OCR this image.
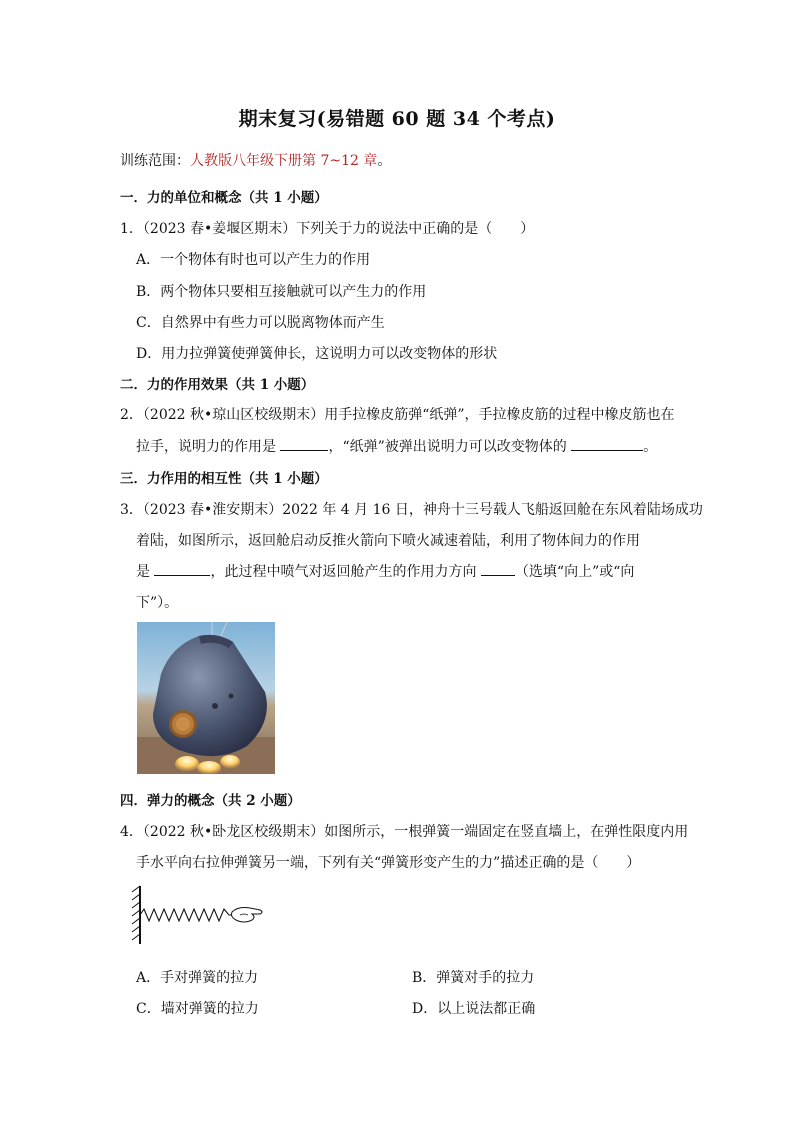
期末复习(易错题 60 题 34 个考点)
训练范围：人教版八年级下册第 7~12 章。
一．力的单位和概念（共 1 小题）
1．（2023 春•姜堰区期末）下列关于力的说法中正确的是（　　）
A．一个物体有时也可以产生力的作用
B．两个物体只要相互接触就可以产生力的作用
C．自然界中有些力可以脱离物体而产生
D．用力拉弹簧使弹簧伸长，这说明力可以改变物体的形状
二．力的作用效果（共 1 小题）
2．（2022 秋•琼山区校级期末）用手拉橡皮筋弹“纸弹”，手拉橡皮筋的过程中橡皮筋也在
拉手，说明力的作用是	，“纸弹”被弹出说明力可以改变物体的	。
三．力作用的相互性（共 1 小题）
3．（2023 春•淮安期末）2022 年 4 月 16 日，神舟十三号载人飞船返回舱在东风着陆场成功
着陆，如图所示，返回舱启动反推火箭向下喷火减速着陆，利用了物体间力的作用
是	，此过程中喷气对返回舱产生的作用力方向 （选填“向上”或“向
下”）。
四．弹力的概念（共 2 小题）
4．（2022 秋•卧龙区校级期末）如图所示，一根弹簧一端固定在竖直墙上，在弹性限度内用
手水平向右拉伸弹簧另一端，下列有关“弹簧形变产生的力”描述正确的是（　　）
A．手对弹簧的拉力	B．弹簧对手的拉力
C．墙对弹簧的拉力	D．以上说法都正确
